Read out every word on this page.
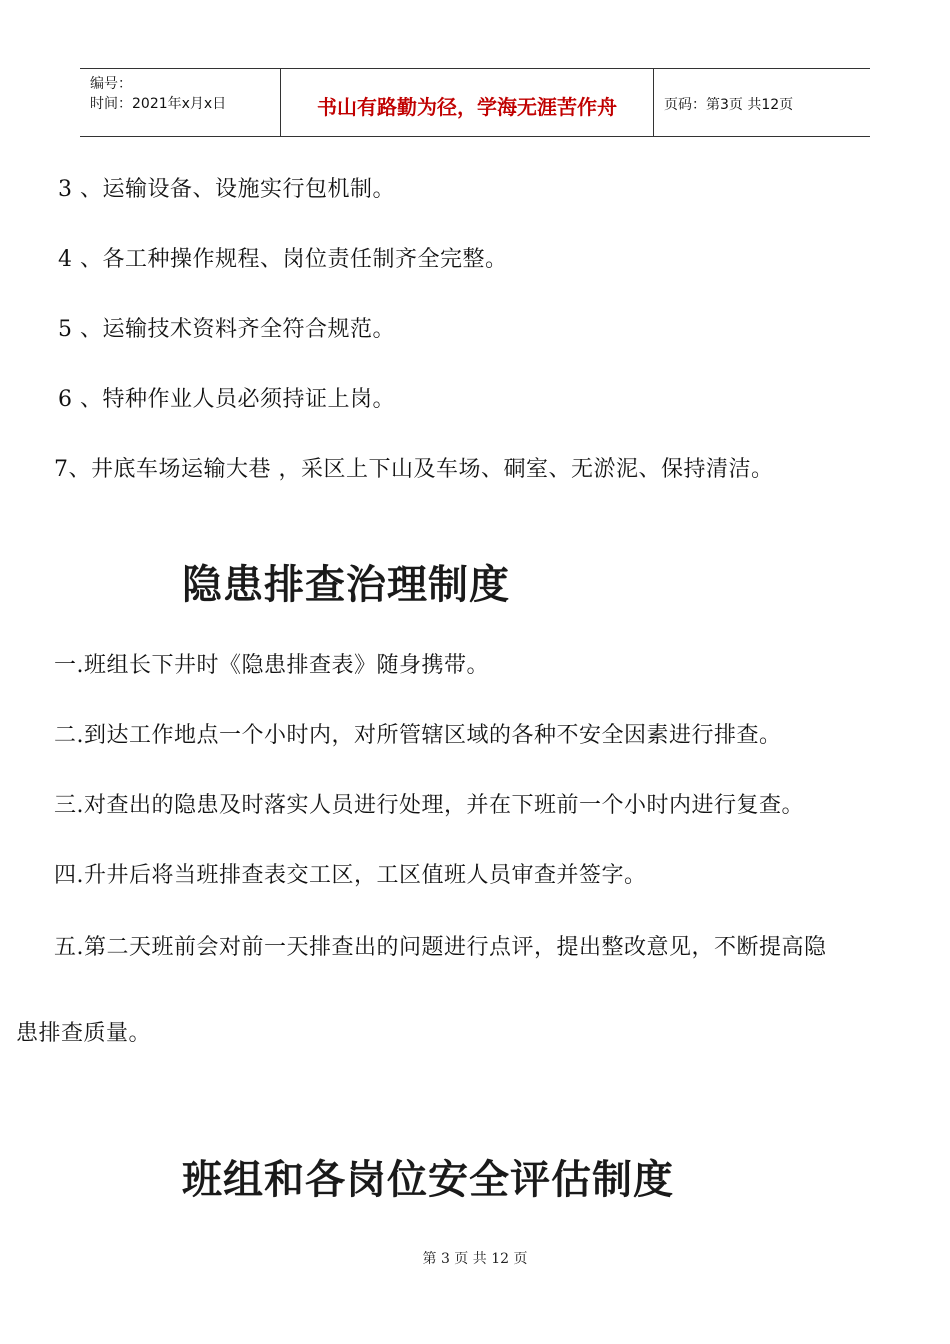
编号：
时间：2021年x月x日	书山有路勤为径，学海无涯苦作舟	页码：第3页 共12页
3 、运输设备、设施实行包机制。
4 、各工种操作规程、岗位责任制齐全完整。
5 、运输技术资料齐全符合规范。
6 、特种作业人员必须持证上岗。
7、井底车场运输大巷 ，采区上下山及车场、硐室、无淤泥、保持清洁。
隐患排查治理制度
一.班组长下井时《隐患排查表》随身携带。
二.到达工作地点一个小时内，对所管辖区域的各种不安全因素进行排查。
三.对查出的隐患及时落实人员进行处理，并在下班前一个小时内进行复查。
四.升井后将当班排查表交工区，工区值班人员审查并签字。
五.第二天班前会对前一天排查出的问题进行点评，提出整改意见，不断提高隐
患排查质量。
班组和各岗位安全评估制度
第 3 页 共 12 页
